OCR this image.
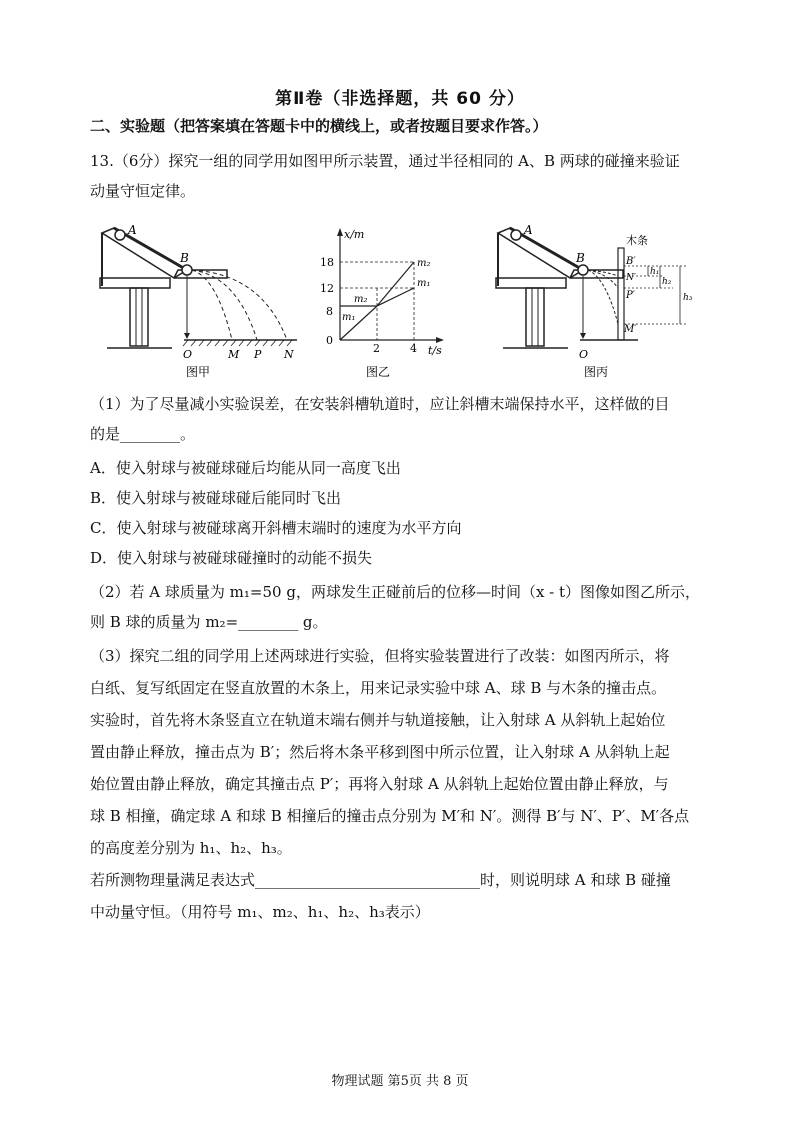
第Ⅱ卷（非选择题，共 60 分）
二、实验题（把答案填在答题卡中的横线上，或者按题目要求作答。）
13.（6分）探究一组的同学用如图甲所示装置，通过半径相同的 A、B 两球的碰撞来验证
动量守恒定律。
A
B
O	M P N
图甲
x/m
t/s
18
12
8
0
2	4
m₂
m₁
m₂
m₁
图乙
木条
A
B	B′
N′
P′
M′
h₁
h₂
h₃
O
图丙
（1）为了尽量减小实验误差，在安装斜槽轨道时，应让斜槽末端保持水平，这样做的目
的是________。
A．使入射球与被碰球碰后均能从同一高度飞出
B．使入射球与被碰球碰后能同时飞出
C．使入射球与被碰球离开斜槽末端时的速度为水平方向
D．使入射球与被碰球碰撞时的动能不损失
（2）若 A 球质量为 m₁=50 g，两球发生正碰前后的位移—时间（x - t）图像如图乙所示，
则 B 球的质量为 m₂=________ g。
（3）探究二组的同学用上述两球进行实验，但将实验装置进行了改装：如图丙所示，将
白纸、复写纸固定在竖直放置的木条上，用来记录实验中球 A、球 B 与木条的撞击点。
实验时，首先将木条竖直立在轨道末端右侧并与轨道接触，让入射球 A 从斜轨上起始位
置由静止释放，撞击点为 B′；然后将木条平移到图中所示位置，让入射球 A 从斜轨上起
始位置由静止释放，确定其撞击点 P′；再将入射球 A 从斜轨上起始位置由静止释放，与
球 B 相撞，确定球 A 和球 B 相撞后的撞击点分别为 M′和 N′。测得 B′与 N′、P′、M′各点
的高度差分别为 h₁、h₂、h₃。
若所测物理量满足表达式______________________________时，则说明球 A 和球 B 碰撞
中动量守恒。（用符号 m₁、m₂、h₁、h₂、h₃表示）
物理试题 第5页 共 8 页
